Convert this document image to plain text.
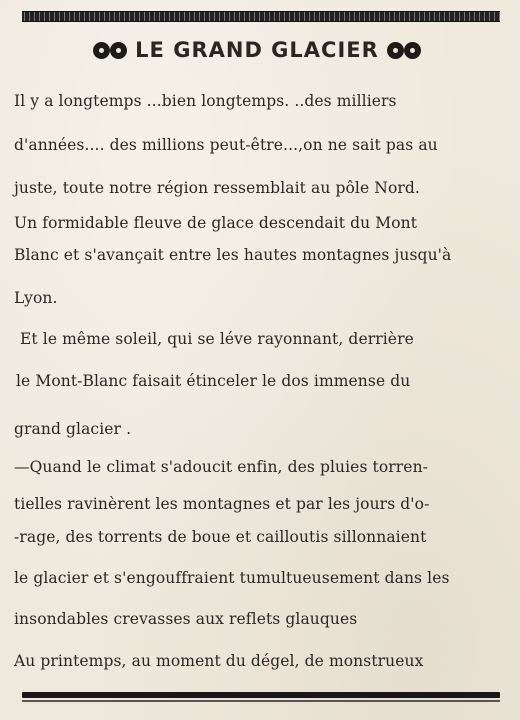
LE GRAND GLACIER
Il y a longtemps ...bien longtemps. ..des milliers
d'années.... des millions peut-être...,on ne sait pas au
juste, toute notre région ressemblait au pôle Nord.
Un formidable fleuve de glace descendait du Mont
Blanc et s'avançait entre les hautes montagnes jusqu'à
Lyon.
Et le même soleil, qui se léve rayonnant, derrière
le Mont-Blanc faisait étinceler le dos immense du
grand glacier .
—Quand le climat s'adoucit enfin, des pluies torren-
tielles ravinèrent les montagnes et par les jours d'o-
-rage, des torrents de boue et cailloutis sillonnaient
le glacier et s'engouffraient tumultueusement dans les
insondables crevasses aux reflets glauques
Au printemps, au moment du dégel, de monstrueux
